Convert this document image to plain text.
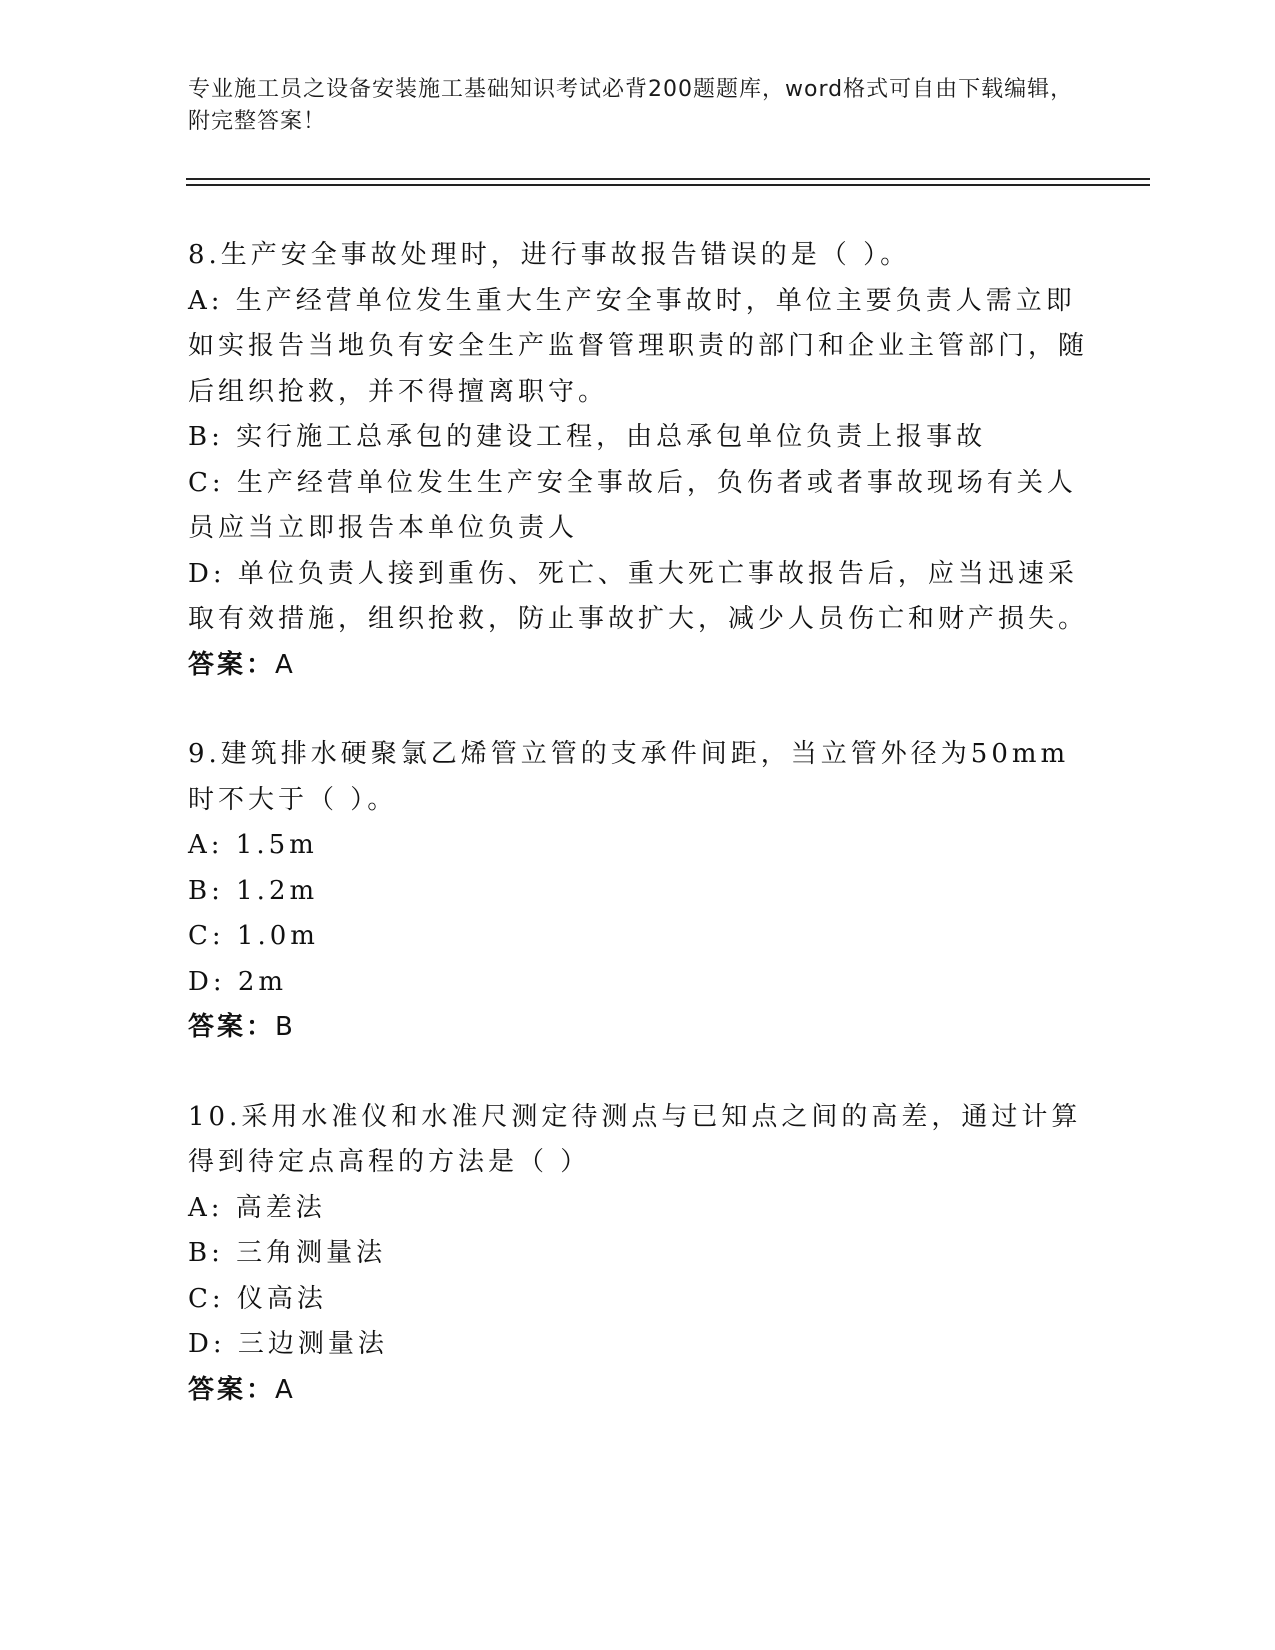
专业施工员之设备安装施工基础知识考试必背200题题库，word格式可自由下载编辑，附完整答案！

8.生产安全事故处理时，进行事故报告错误的是（ ）。

A: 生产经营单位发生重大生产安全事故时，单位主要负责人需立即如实报告当地负有安全生产监督管理职责的部门和企业主管部门，随后组织抢救，并不得擅离职守。

B: 实行施工总承包的建设工程，由总承包单位负责上报事故

C: 生产经营单位发生生产安全事故后，负伤者或者事故现场有关人员应当立即报告本单位负责人

D: 单位负责人接到重伤、死亡、重大死亡事故报告后，应当迅速采取有效措施，组织抢救，防止事故扩大，减少人员伤亡和财产损失。

答案：A

9.建筑排水硬聚氯乙烯管立管的支承件间距，当立管外径为50mm时不大于（ ）。

A: 1.5m

B: 1.2m

C: 1.0m

D: 2m

答案：B

10.采用水准仪和水准尺测定待测点与已知点之间的高差，通过计算得到待定点高程的方法是（ ）

A: 高差法

B: 三角测量法

C: 仪高法

D: 三边测量法

答案：A
